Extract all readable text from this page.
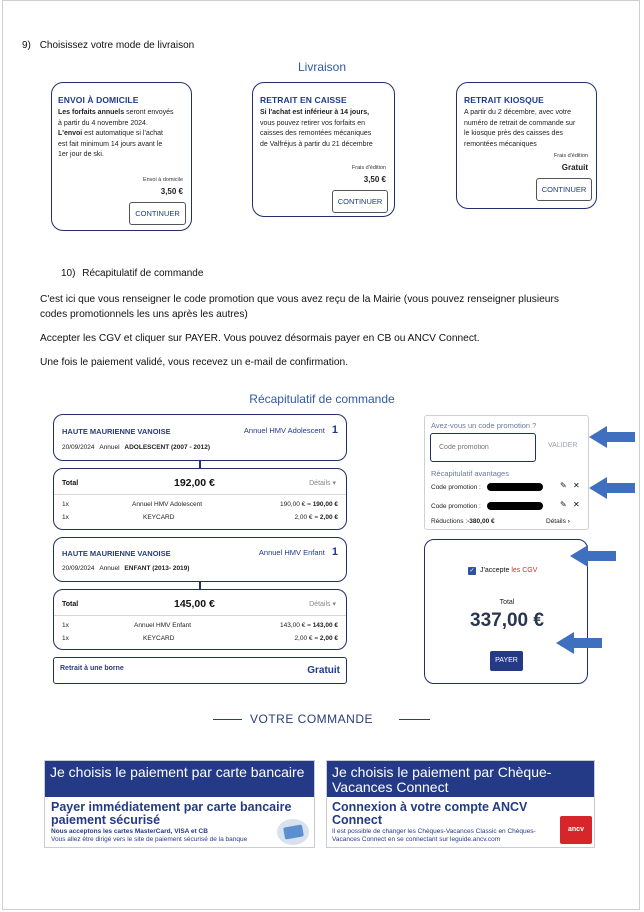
9) Choisissez votre mode de livraison
Livraison
ENVOI À DOMICILE

Les forfaits annuels seront envoyés

à partir du 4 novembre 2024.

L'envoi est automatique si l'achat

est fait minimum 14 jours avant le

1er jour de ski.

Envoi à domicile
3,50 €
CONTINUER
RETRAIT EN CAISSE

Si l'achat est inférieur à 14 jours,

vous pouvez retirer vos forfaits en

caisses des remontées mécaniques

de Valfréjus à partir du 21 décembre

Frais d'édition
3,50 €
CONTINUER
RETRAIT KIOSQUE

A partir du 2 décembre, avec votre

numéro de retrait de commande sur

le kiosque près des caisses des

remontées mécaniques

Frais d'édition
Gratuit
CONTINUER
10) Récapitulatif de commande
C'est ici que vous renseigner le code promotion que vous avez reçu de la Mairie (vous pouvez renseigner plusieurs
codes promotionnels les uns après les autres)
Accepter les CGV et cliquer sur PAYER. Vous pouvez désormais payer en CB ou ANCV Connect.
Une fois le paiement validé, vous recevez un e-mail de confirmation.
Récapitulatif de commande
HAUTE MAURIENNE VANOISE	Annuel HMV Adolescent 1
20/09/2024 Annuel ADOLESCENT (2007 - 2012)
Total	192,00 €	Détails ▾
1x	Annuel HMV Adolescent	190,00 € = 190,00 €
1x	KEYCARD	2,00 € = 2,00 €
HAUTE MAURIENNE VANOISE	Annuel HMV Enfant 1
20/09/2024 Annuel ENFANT (2013- 2019)
Total	145,00 €	Détails ▾
1x	Annuel HMV Enfant	143,00 € = 143,00 €
1x	KEYCARD	2,00 € = 2,00 €
Retrait à une borne	Gratuit
Avez-vous un code promotion ?
Code promotion
VALIDER
Récapitulatif avantages
Code promotion :	✎ ✕
Code promotion :	✎ ✕
Réductions :-380,00 €	Détails ›
✓ J'accepte les CGV
Total
337,00 €
PAYER
VOTRE COMMANDE
Je choisis le paiement par carte bancaire
Payer immédiatement par carte bancaire paiement sécurisé
Nous acceptons les cartes MasterCard, VISA et CB
Vous allez être dirigé vers le site de paiement sécurisé de la banque
Je choisis le paiement par Chèque-Vacances Connect
Connexion à votre compte ANCV Connect
Il est possible de changer les Chèques-Vacances Classic en Chèques-
Vacances Connect en se connectant sur leguide.ancv.com
ancv
